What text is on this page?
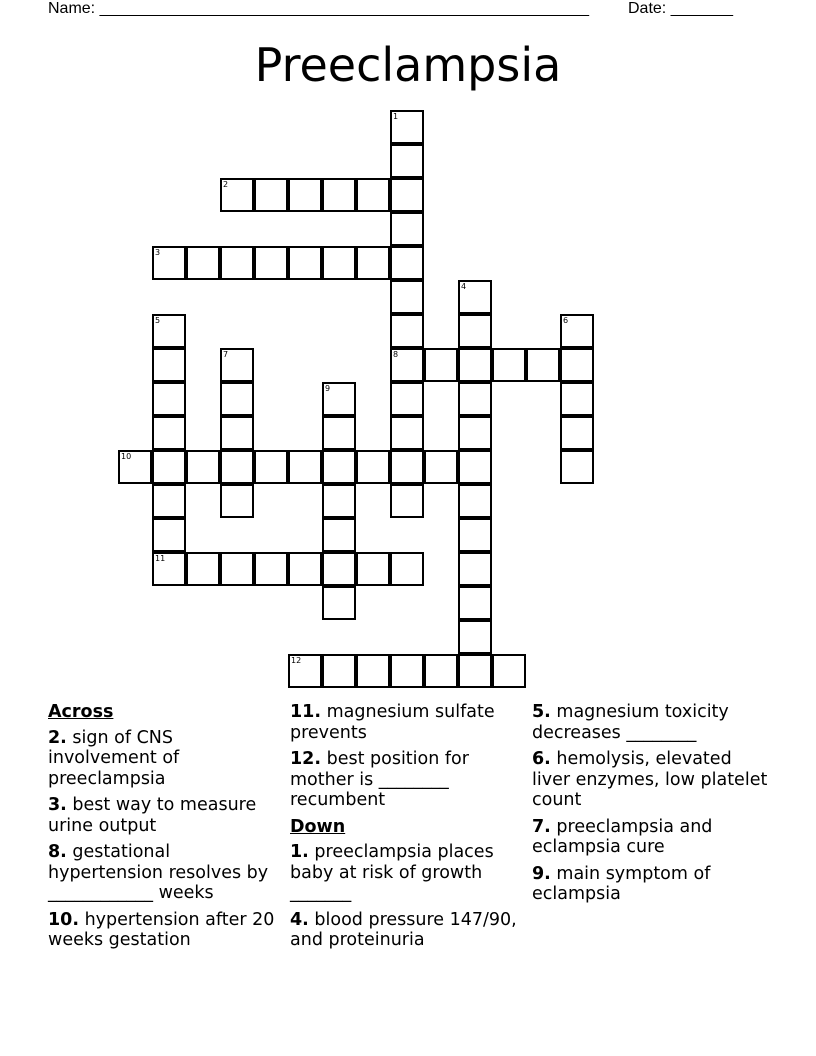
Name: _______________________________________________________ Date: _______
Preeclampsia
1
8
2
3
4
5
11
6
7
9
10
12
Across
2. sign of CNS involvement of preeclampsia
3. best way to measure urine output
8. gestational hypertension resolves by ____________ weeks
10. hypertension after 20 weeks gestation
11. magnesium sulfate prevents
12. best position for mother is ________ recumbent
Down
1. preeclampsia places baby at risk of growth _______
4. blood pressure 147/90, and proteinuria
5. magnesium toxicity decreases ________
6. hemolysis, elevated liver enzymes, low platelet count
7. preeclampsia and eclampsia cure
9. main symptom of eclampsia
